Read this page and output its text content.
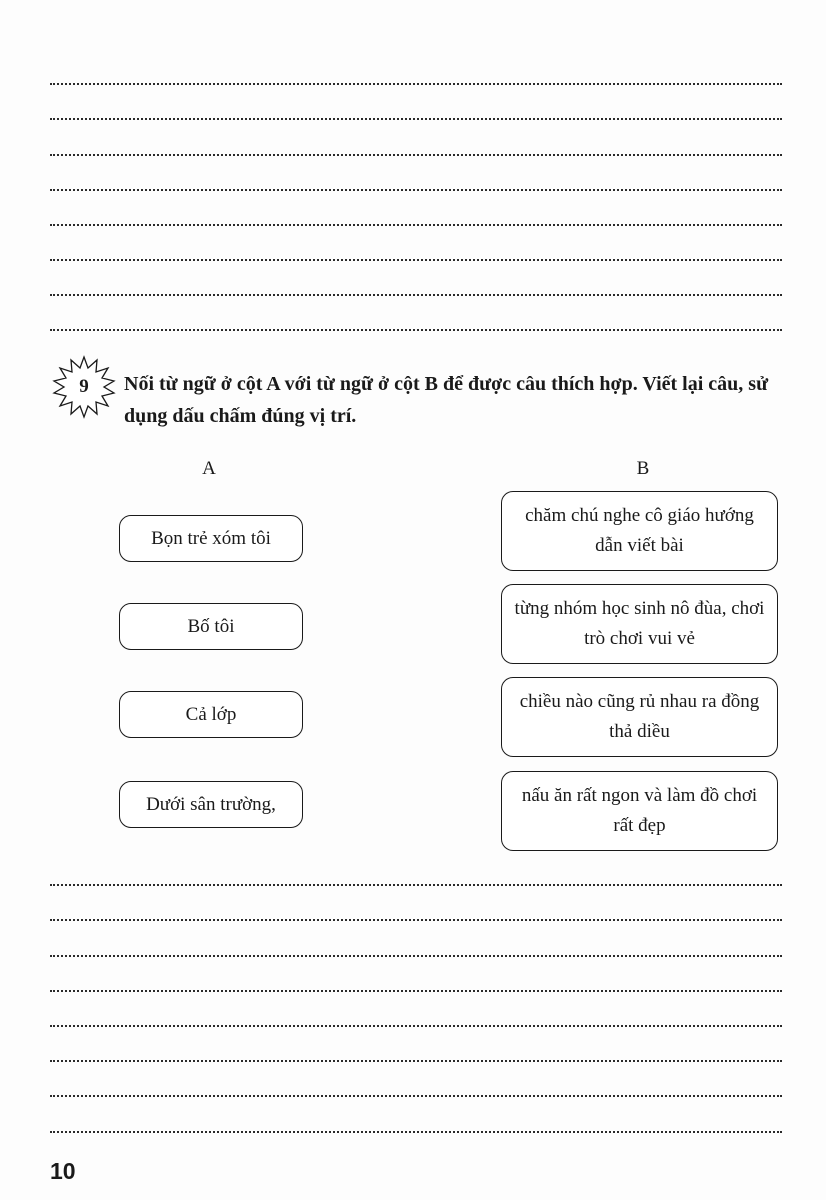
9	Nối từ ngữ ở cột A với từ ngữ ở cột B để được câu thích hợp. Viết lại câu, sử dụng dấu chấm đúng vị trí.
A	B
Bọn trẻ xóm tôi
Bố tôi
Cả lớp
Dưới sân trường,
chăm chú nghe cô giáo hướng dẫn viết bài
từng nhóm học sinh nô đùa, chơi trò chơi vui vẻ
chiều nào cũng rủ nhau ra đồng thả diều
nấu ăn rất ngon và làm đồ chơi rất đẹp
10
